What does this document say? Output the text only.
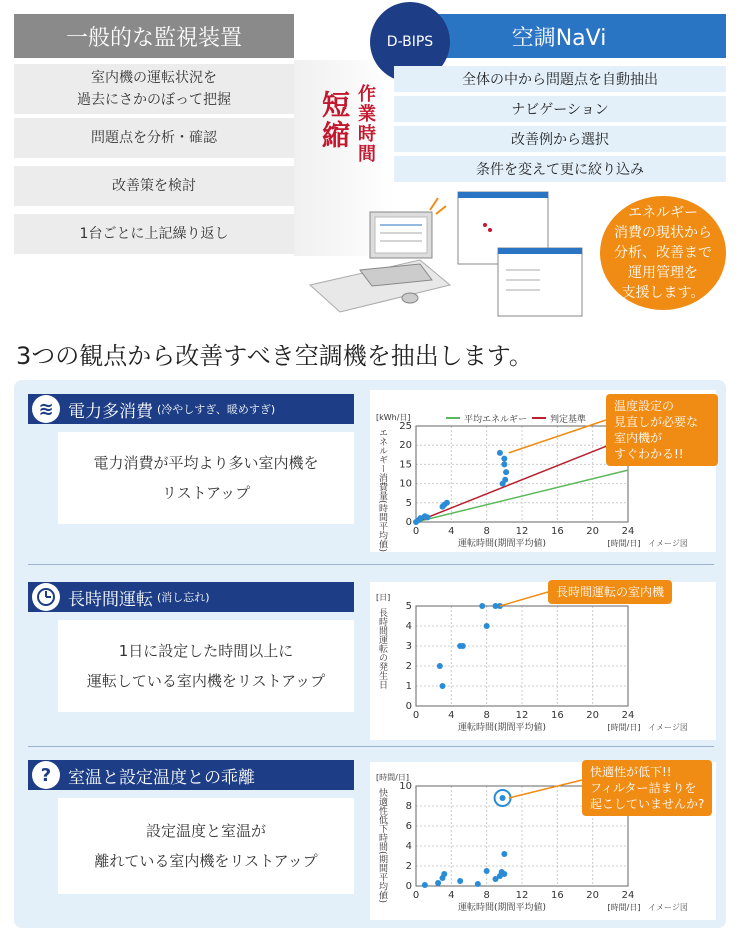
一般的な監視装置
室内機の運転状況を
過去にさかのぼって把握
問題点を分析・確認
改善策を検討
1台ごとに上記繰り返し
短縮 作業時間
空調NaVi
D-BIPS
全体の中から問題点を自動抽出
ナビゲーション
改善例から選択
条件を変えて更に絞り込み
エネルギー
消費の現状から
分析、改善まで
運用管理を
支援します。
3つの観点から改善すべき空調機を抽出します。
≋ 電力多消費 (冷やしすぎ、暖めすぎ)
電力消費が平均より多い室内機を
リストアップ
長時間運転 (消し忘れ)
1日に設定した時間以上に
運転している室内機をリストアップ
? 室温と設定温度との乖離
設定温度と室温が
離れている室内機をリストアップ
0	4	8	12 16 20 24
0
5
10
15
20
25
[kWh/日]
[時間/日]
運転時間(期間平均値)	イメージ図
エネルギー消費量(時間平均値)
平均エネルギー	判定基準
0	4	8	12 16 20 24
0
1
2
3
4
5
[日]
[時間/日]
運転時間(期間平均値)	イメージ図
長時間運転の発生日
0	4	8	12 16 20 24
0
2
4
6
8
10
[時間/日]
[時間/日]
運転時間(期間平均値)	イメージ図
快適性低下時間(期間平均値)
温度設定の
見直しが必要な
室内機が
すぐわかる!!
長時間運転の室内機
快適性が低下!!
フィルター詰まりを
起こしていませんか?
